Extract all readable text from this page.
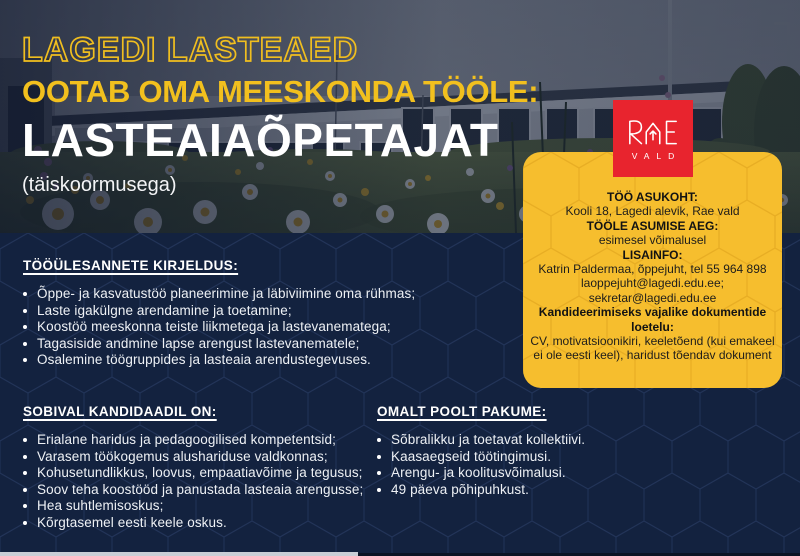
LAGEDI LASTEAED
OOTAB OMA MEESKONDA TÖÖLE:
LASTEAIAÕPETAJAT
(täiskoormusega)
VALD
TÖÖ ASUKOHT:
Kooli 18, Lagedi alevik, Rae vald
TÖÖLE ASUMISE AEG:
esimesel võimalusel
LISAINFO:
Katrin Paldermaa, õppejuht, tel 55 964 898
laoppejuht@lagedi.edu.ee;
sekretar@lagedi.edu.ee
Kandideerimiseks vajalike dokumentide loetelu:
CV, motivatsioonikiri, keeletõend (kui emakeel ei ole eesti keel), haridust tõendav dokument
TÖÖÜLESANNETE KIRJELDUS:
Õppe- ja kasvatustöö planeerimine ja läbiviimine oma rühmas;
Laste igakülgne arendamine ja toetamine;
Koostöö meeskonna teiste liikmetega ja lastevanematega;
Tagasiside andmine lapse arengust lastevanematele;
Osalemine töögruppides ja lasteaia arendustegevuses.
SOBIVAL KANDIDAADIL ON:
Erialane haridus ja pedagoogilised kompetentsid;
Varasem töökogemus alushariduse valdkonnas;
Kohusetundlikkus, loovus, empaatiavõime ja tegusus;
Soov teha koostööd ja panustada lasteaia arengusse;
Hea suhtlemisoskus;
Kõrgtasemel eesti keele oskus.
OMALT POOLT PAKUME:
Sõbralikku ja toetavat kollektiivi.
Kaasaegseid töötingimusi.
Arengu- ja koolitusvõimalusi.
49 päeva põhipuhkust.
